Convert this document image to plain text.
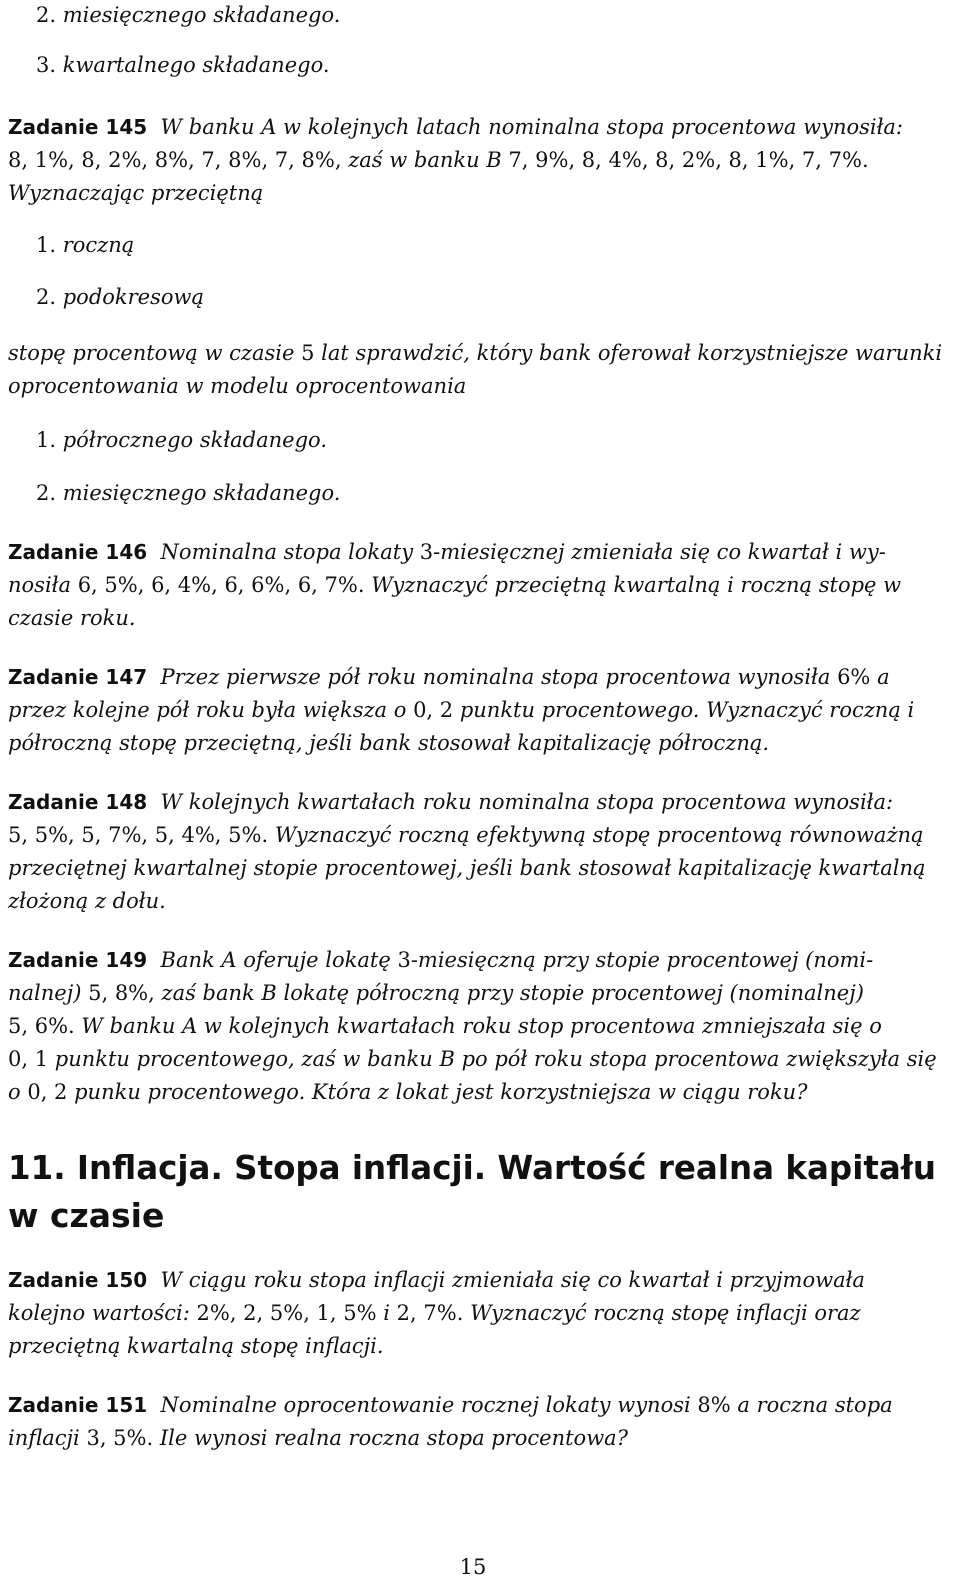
2. miesięcznego składanego.
3. kwartalnego składanego.
Zadanie 145 W banku A w kolejnych latach nominalna stopa procentowa wynosiła:
8, 1%, 8, 2%, 8%, 7, 8%, 7, 8%, zaś w banku B 7, 9%, 8, 4%, 8, 2%, 8, 1%, 7, 7%.
Wyznaczając przeciętną
1. roczną
2. podokresową
stopę procentową w czasie 5 lat sprawdzić, który bank oferował korzystniejsze warunki
oprocentowania w modelu oprocentowania
1. półrocznego składanego.
2. miesięcznego składanego.
Zadanie 146 Nominalna stopa lokaty 3-miesięcznej zmieniała się co kwartał i wy-
nosiła 6, 5%, 6, 4%, 6, 6%, 6, 7%. Wyznaczyć przeciętną kwartalną i roczną stopę w
czasie roku.
Zadanie 147 Przez pierwsze pół roku nominalna stopa procentowa wynosiła 6% a
przez kolejne pół roku była większa o 0, 2 punktu procentowego. Wyznaczyć roczną i
półroczną stopę przeciętną, jeśli bank stosował kapitalizację półroczną.
Zadanie 148 W kolejnych kwartałach roku nominalna stopa procentowa wynosiła:
5, 5%, 5, 7%, 5, 4%, 5%. Wyznaczyć roczną efektywną stopę procentową równoważną
przeciętnej kwartalnej stopie procentowej, jeśli bank stosował kapitalizację kwartalną
złożoną z dołu.
Zadanie 149 Bank A oferuje lokatę 3-miesięczną przy stopie procentowej (nomi-
nalnej) 5, 8%, zaś bank B lokatę półroczną przy stopie procentowej (nominalnej)
5, 6%. W banku A w kolejnych kwartałach roku stop procentowa zmniejszała się o
0, 1 punktu procentowego, zaś w banku B po pół roku stopa procentowa zwiększyła się
o 0, 2 punku procentowego. Która z lokat jest korzystniejsza w ciągu roku?
11. Inflacja. Stopa inflacji. Wartość realna kapitału
w czasie
Zadanie 150 W ciągu roku stopa inflacji zmieniała się co kwartał i przyjmowała
kolejno wartości: 2%, 2, 5%, 1, 5% i 2, 7%. Wyznaczyć roczną stopę inflacji oraz
przeciętną kwartalną stopę inflacji.
Zadanie 151 Nominalne oprocentowanie rocznej lokaty wynosi 8% a roczna stopa
inflacji 3, 5%. Ile wynosi realna roczna stopa procentowa?
15
